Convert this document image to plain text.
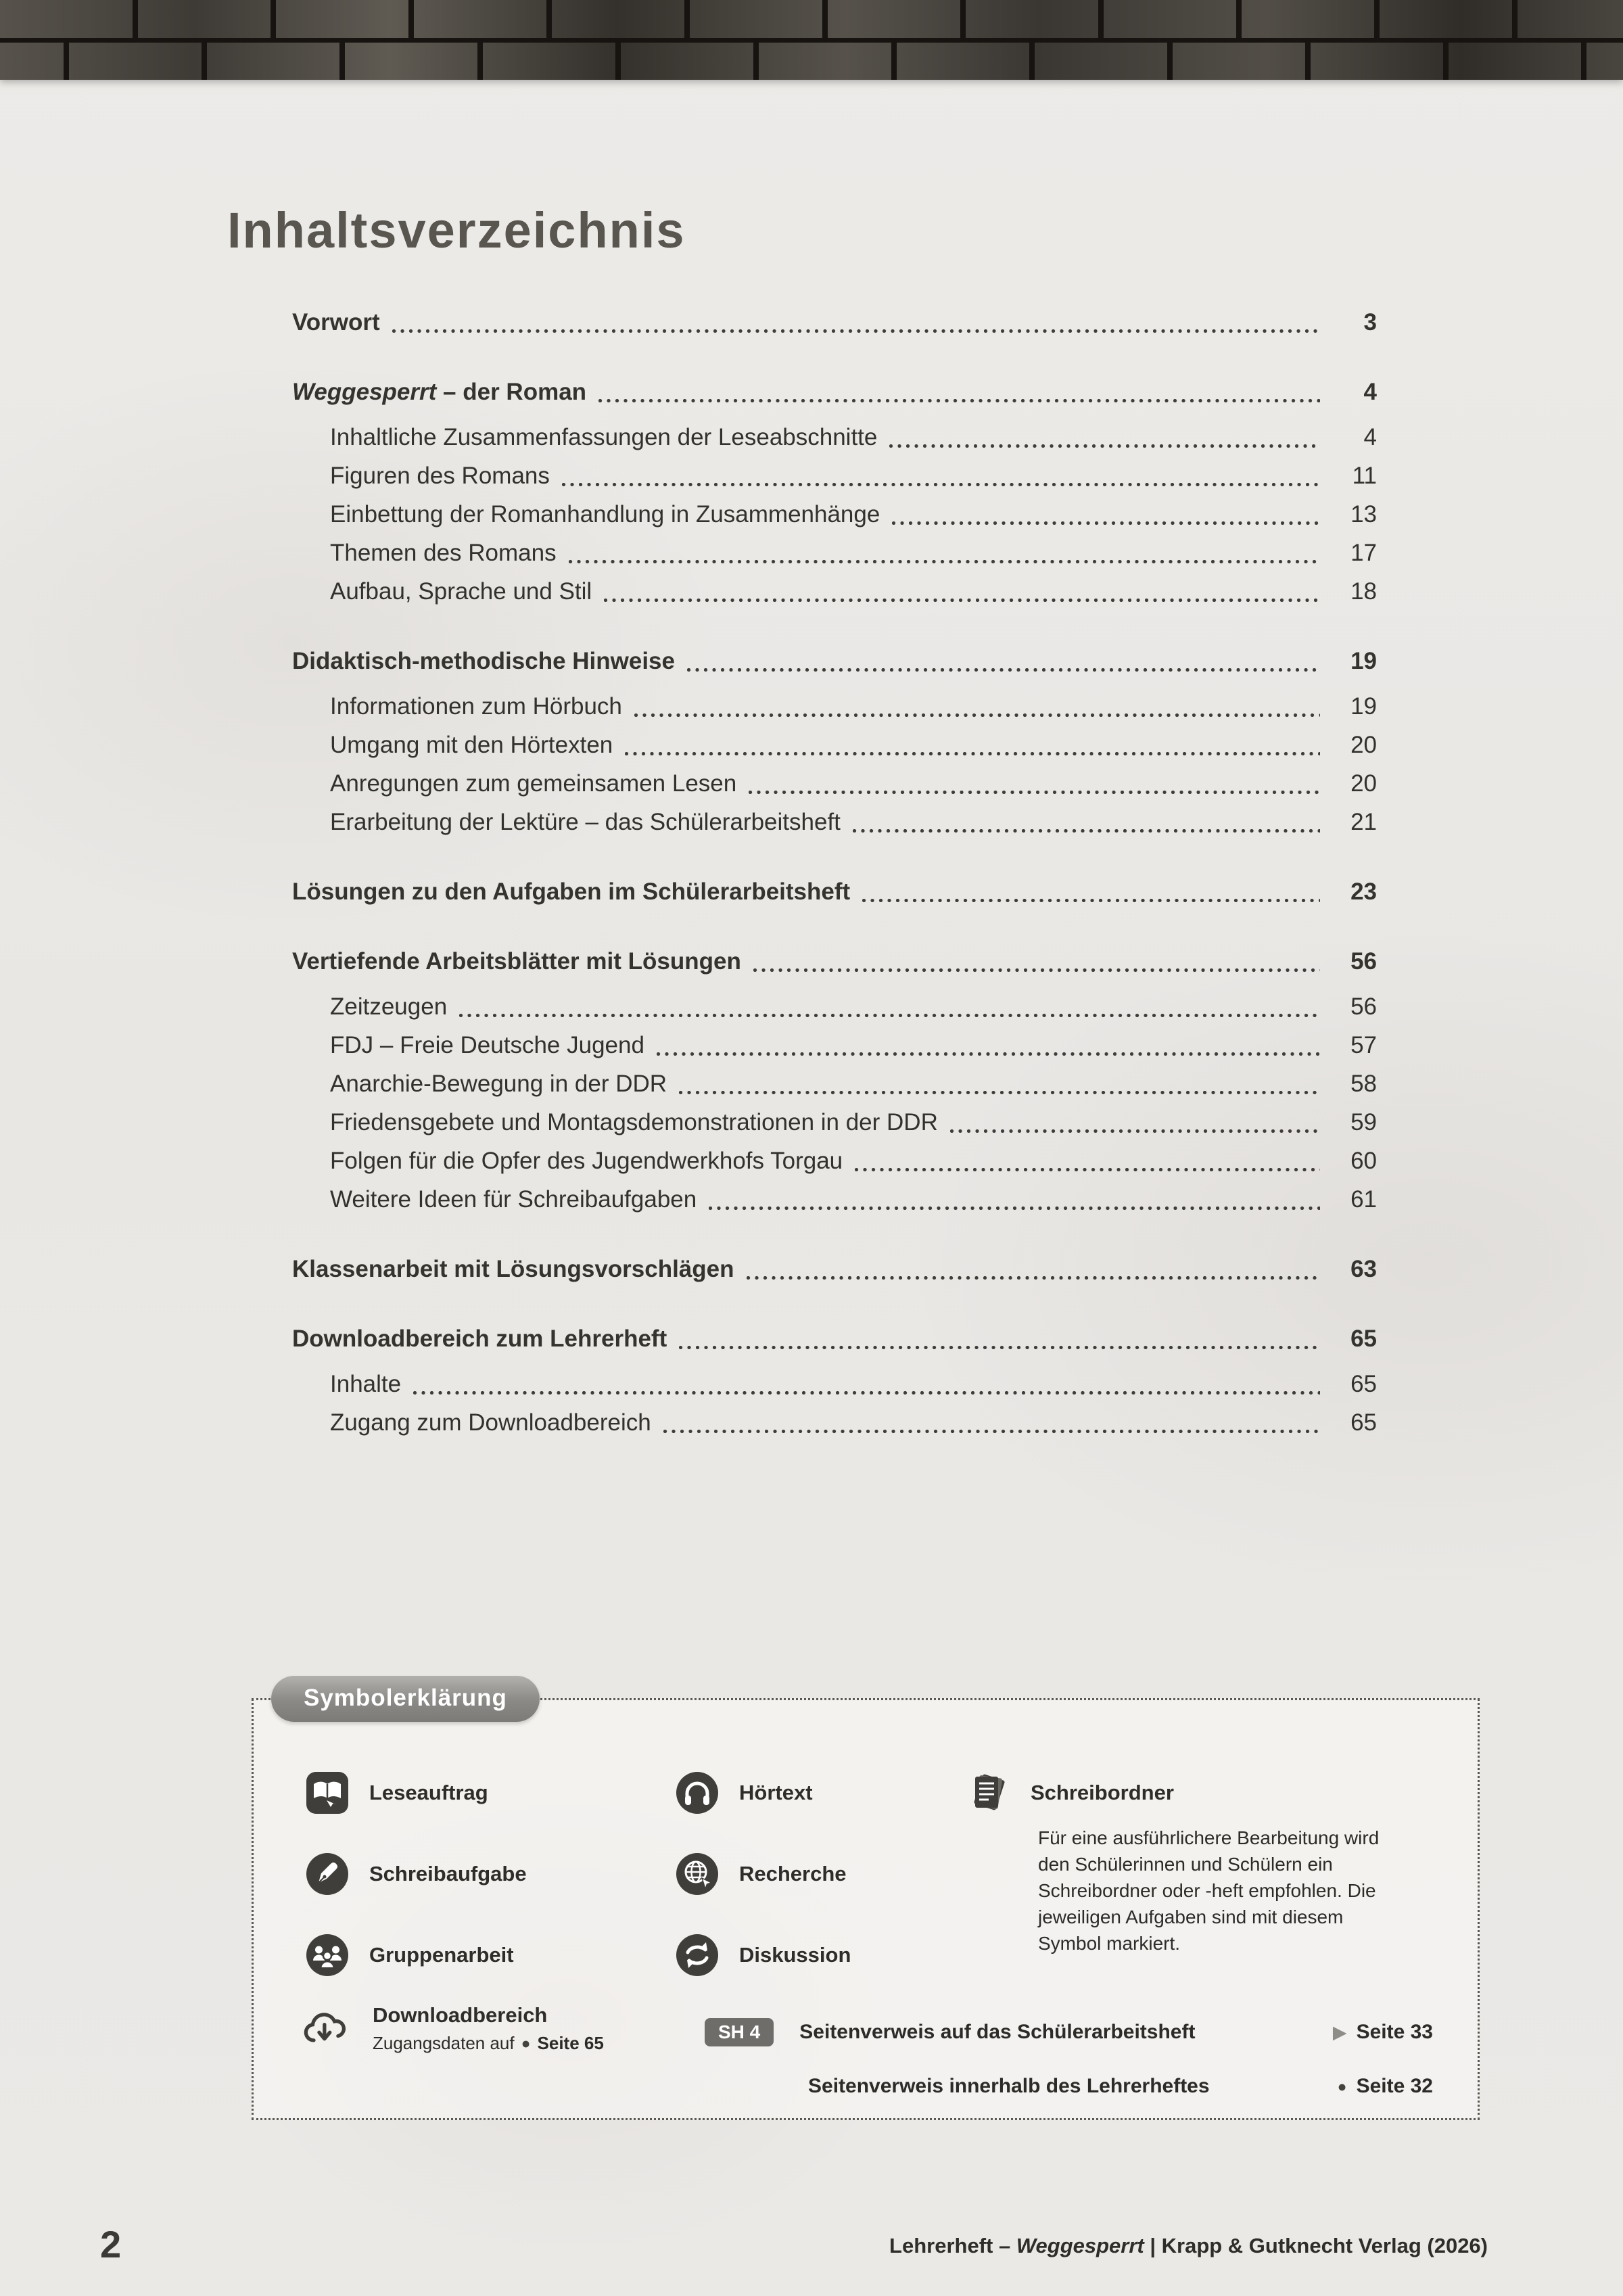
Inhaltsverzeichnis
Vorwort	3
Weggesperrt – der Roman	4
Inhaltliche Zusammenfassungen der Leseabschnitte	4
Figuren des Romans	11
Einbettung der Romanhandlung in Zusammenhänge	13
Themen des Romans	17
Aufbau, Sprache und Stil	18
Didaktisch-methodische Hinweise	19
Informationen zum Hörbuch	19
Umgang mit den Hörtexten	20
Anregungen zum gemeinsamen Lesen	20
Erarbeitung der Lektüre – das Schülerarbeitsheft	21
Lösungen zu den Aufgaben im Schülerarbeitsheft	23
Vertiefende Arbeitsblätter mit Lösungen	56
Zeitzeugen	56
FDJ – Freie Deutsche Jugend	57
Anarchie-Bewegung in der DDR	58
Friedensgebete und Montagsdemonstrationen in der DDR	59
Folgen für die Opfer des Jugendwerkhofs Torgau	60
Weitere Ideen für Schreibaufgaben	61
Klassenarbeit mit Lösungsvorschlägen	63
Downloadbereich zum Lehrerheft	65
Inhalte	65
Zugang zum Downloadbereich	65
Symbolerklärung
Leseauftrag	Hörtext	Schreibordner
Für eine ausführlichere Bearbeitung wird den Schülerinnen und Schülern ein Schreibordner oder -heft empfohlen. Die jeweiligen Aufgaben sind mit diesem Symbol markiert.
Schreibaufgabe	Recherche
Gruppenarbeit	Diskussion
Downloadbereich
Zugangsdaten auf ● Seite 65
SH 4	Seitenverweis auf das Schülerarbeitsheft	▶ Seite 33
Seitenverweis innerhalb des Lehrerheftes	● Seite 32
2	Lehrerheft – Weggesperrt | Krapp & Gutknecht Verlag (2026)
